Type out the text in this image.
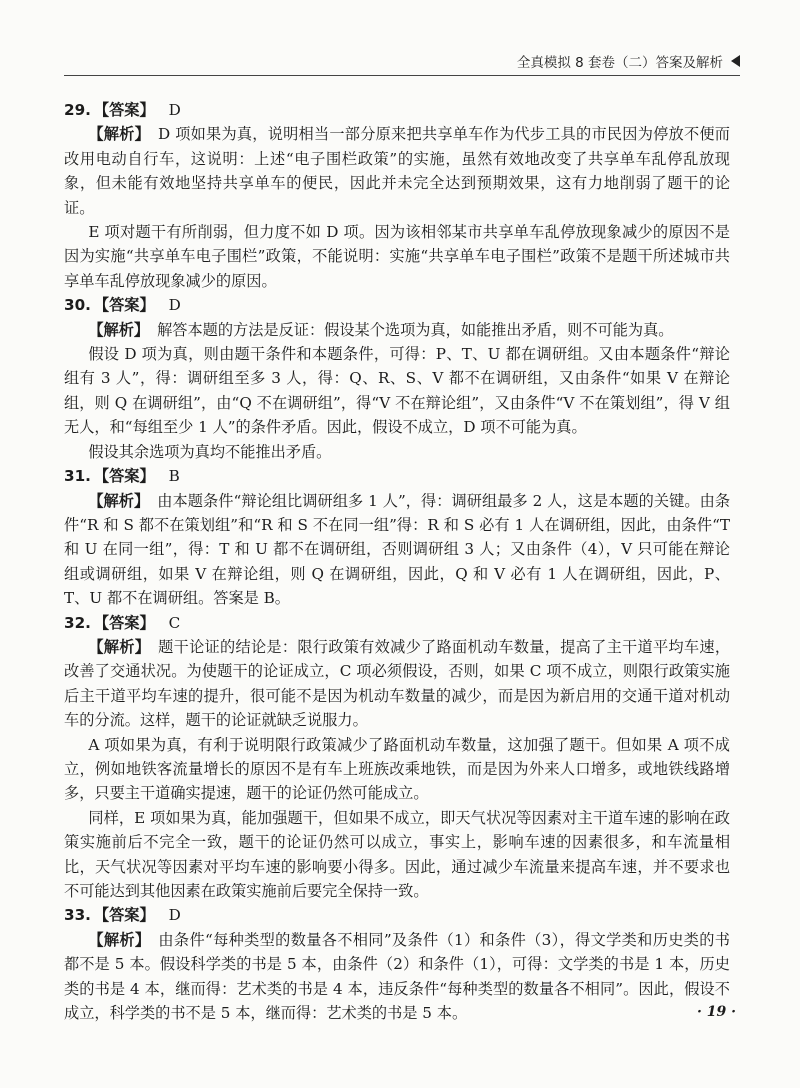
全真模拟 8 套卷（二）答案及解析

29. 【答案】 D

【解析】 D 项如果为真，说明相当一部分原来把共享单车作为代步工具的市民因为停放不便而改用电动自行车，这说明：上述“电子围栏政策”的实施，虽然有效地改变了共享单车乱停乱放现象，但未能有效地坚持共享单车的便民，因此并未完全达到预期效果，这有力地削弱了题干的论证。

E 项对题干有所削弱，但力度不如 D 项。因为该相邻某市共享单车乱停放现象减少的原因不是因为实施“共享单车电子围栏”政策，不能说明：实施“共享单车电子围栏”政策不是题干所述城市共享单车乱停放现象减少的原因。

30. 【答案】 D

【解析】 解答本题的方法是反证：假设某个选项为真，如能推出矛盾，则不可能为真。

假设 D 项为真，则由题干条件和本题条件，可得：P、T、U 都在调研组。又由本题条件“辩论组有 3 人”，得：调研组至多 3 人，得：Q、R、S、V 都不在调研组，又由条件“如果 V 在辩论组，则 Q 在调研组”，由“Q 不在调研组”，得“V 不在辩论组”，又由条件“V 不在策划组”，得 V 组无人，和“每组至少 1 人”的条件矛盾。因此，假设不成立，D 项不可能为真。

假设其余选项为真均不能推出矛盾。

31. 【答案】 B

【解析】 由本题条件“辩论组比调研组多 1 人”，得：调研组最多 2 人，这是本题的关键。由条件“R 和 S 都不在策划组”和“R 和 S 不在同一组”得：R 和 S 必有 1 人在调研组，因此，由条件“T 和 U 在同一组”，得：T 和 U 都不在调研组，否则调研组 3 人；又由条件（4），V 只可能在辩论组或调研组，如果 V 在辩论组，则 Q 在调研组，因此，Q 和 V 必有 1 人在调研组，因此，P、T、U 都不在调研组。答案是 B。

32. 【答案】 C

【解析】 题干论证的结论是：限行政策有效减少了路面机动车数量，提高了主干道平均车速，改善了交通状况。为使题干的论证成立，C 项必须假设，否则，如果 C 项不成立，则限行政策实施后主干道平均车速的提升，很可能不是因为机动车数量的减少，而是因为新启用的交通干道对机动车的分流。这样，题干的论证就缺乏说服力。

A 项如果为真，有利于说明限行政策减少了路面机动车数量，这加强了题干。但如果 A 项不成立，例如地铁客流量增长的原因不是有车上班族改乘地铁，而是因为外来人口增多，或地铁线路增多，只要主干道确实提速，题干的论证仍然可能成立。

同样，E 项如果为真，能加强题干，但如果不成立，即天气状况等因素对主干道车速的影响在政策实施前后不完全一致，题干的论证仍然可以成立，事实上，影响车速的因素很多，和车流量相比，天气状况等因素对平均车速的影响要小得多。因此，通过减少车流量来提高车速，并不要求也不可能达到其他因素在政策实施前后要完全保持一致。

33. 【答案】 D

【解析】 由条件“每种类型的数量各不相同”及条件（1）和条件（3），得文学类和历史类的书都不是 5 本。假设科学类的书是 5 本，由条件（2）和条件（1），可得：文学类的书是 1 本，历史类的书是 4 本，继而得：艺术类的书是 4 本，违反条件“每种类型的数量各不相同”。因此，假设不成立，科学类的书不是 5 本，继而得：艺术类的书是 5 本。	· 19 ·
